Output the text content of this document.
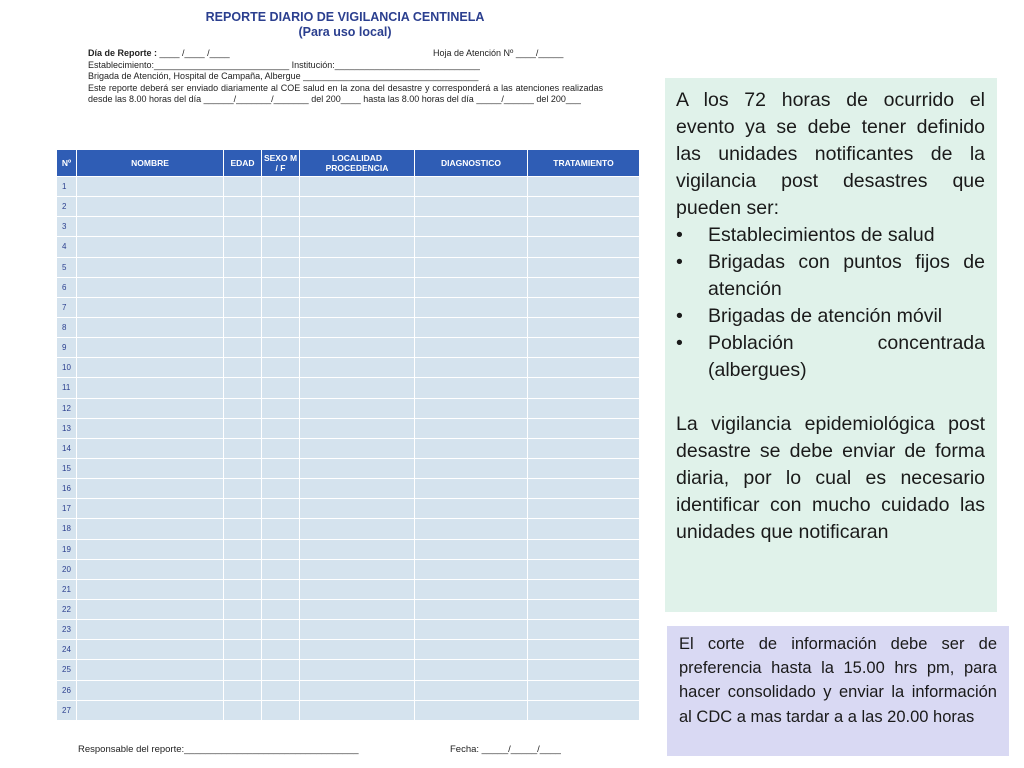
REPORTE DIARIO DE VIGILANCIA CENTINELA
(Para uso local)
Día de Reporte : ____ /____ /____	Hoja de Atención Nº ____/_____
Establecimiento:___________________________ Institución:_____________________________
Brigada de Atención, Hospital de Campaña, Albergue ___________________________________
Este reporte deberá ser enviado diariamente al COE salud en la zona del desastre y corresponderá a las atenciones realizadas desde las 8.00 horas del día ______/_______/_______ del 200____ hasta las 8.00 horas del día _____/______ del 200___
Nº	NOMBRE	EDAD	SEXO M / F	LOCALIDAD PROCEDENCIA	DIAGNOSTICO	TRATAMIENTO
1						
2						
3						
4						
5						
6						
7						
8						
9						
10						
11						
12						
13						
14						
15						
16						
17						
18						
19						
20						
21						
22						
23						
24						
25						
26						
27						
Responsable del reporte:_________________________________	Fecha: _____/_____/____

A los 72 horas de ocurrido el evento ya se debe tener definido las unidades notificantes de la vigilancia post desastres que pueden ser:

• Establecimientos de salud
• Brigadas con puntos fijos de atención
• Brigadas de atención móvil
• Población concentrada (albergues)

La vigilancia epidemiológica post desastre se debe enviar de forma diaria, por lo cual es necesario identificar con mucho cuidado las unidades que notificaran

El corte de información debe ser de preferencia hasta la 15.00 hrs pm, para hacer consolidado y enviar la información al CDC a mas tardar a a las 20.00 horas
